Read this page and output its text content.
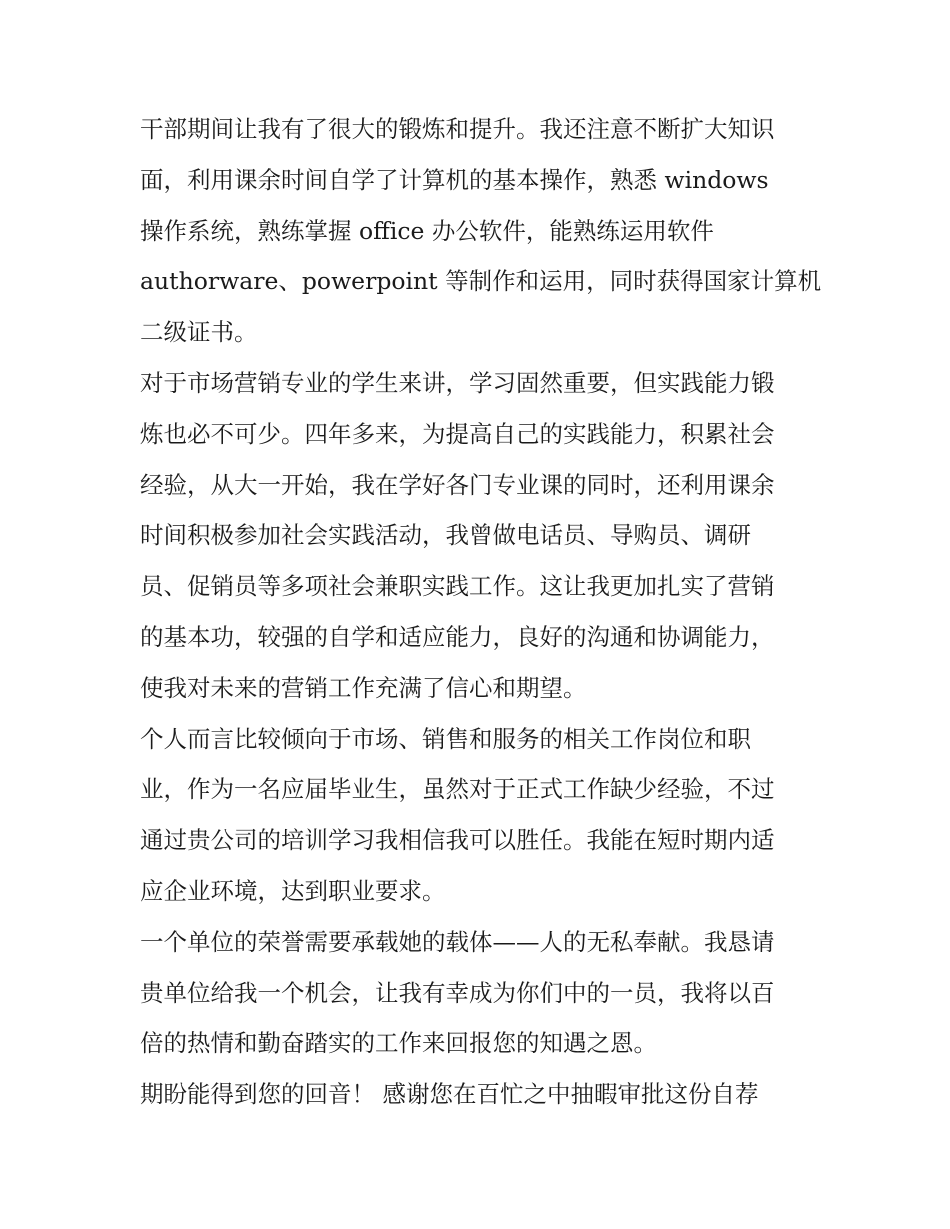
干部期间让我有了很大的锻炼和提升。我还注意不断扩大知识
面，利用课余时间自学了计算机的基本操作，熟悉 windows
操作系统，熟练掌握 office 办公软件，能熟练运用软件
authorware、powerpoint 等制作和运用，同时获得国家计算机
二级证书。
对于市场营销专业的学生来讲，学习固然重要，但实践能力锻
炼也必不可少。四年多来，为提高自己的实践能力，积累社会
经验，从大一开始，我在学好各门专业课的同时，还利用课余
时间积极参加社会实践活动，我曾做电话员、导购员、调研
员、促销员等多项社会兼职实践工作。这让我更加扎实了营销
的基本功，较强的自学和适应能力，良好的沟通和协调能力，
使我对未来的营销工作充满了信心和期望。
个人而言比较倾向于市场、销售和服务的相关工作岗位和职
业，作为一名应届毕业生，虽然对于正式工作缺少经验，不过
通过贵公司的培训学习我相信我可以胜任。我能在短时期内适
应企业环境，达到职业要求。
一个单位的荣誉需要承载她的载体——人的无私奉献。我恳请
贵单位给我一个机会，让我有幸成为你们中的一员，我将以百
倍的热情和勤奋踏实的工作来回报您的知遇之恩。
期盼能得到您的回音！ 感谢您在百忙之中抽暇审批这份自荐
